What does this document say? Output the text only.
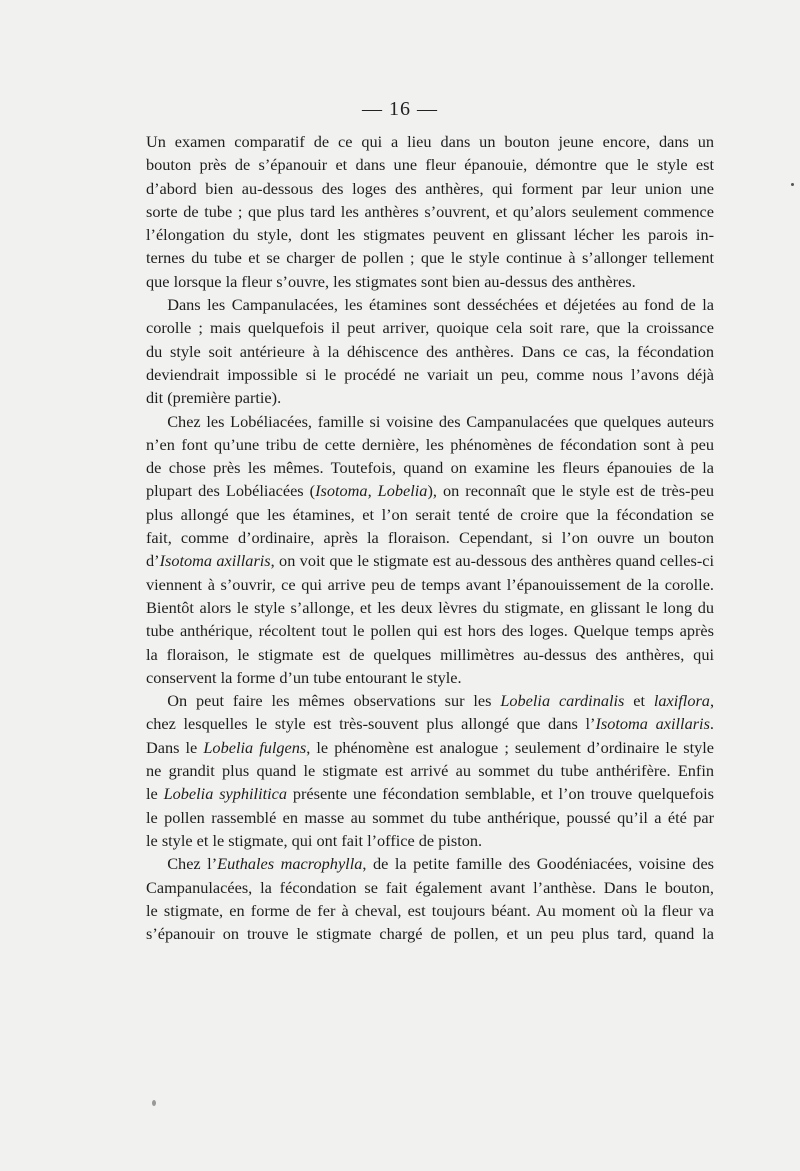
— 16 —
Un examen comparatif de ce qui a lieu dans un bouton jeune encore, dans un
bouton près de s’épanouir et dans une fleur épanouie, démontre que le style est
d’abord bien au-dessous des loges des anthères, qui forment par leur union une
sorte de tube ; que plus tard les anthères s’ouvrent, et qu’alors seulement commence
l’élongation du style, dont les stigmates peuvent en glissant lécher les parois in-
ternes du tube et se charger de pollen ; que le style continue à s’allonger tellement
que lorsque la fleur s’ouvre, les stigmates sont bien au-dessus des anthères.
Dans les Campanulacées, les étamines sont desséchées et déjetées au fond de la
corolle ; mais quelquefois il peut arriver, quoique cela soit rare, que la croissance
du style soit antérieure à la déhiscence des anthères. Dans ce cas, la fécondation
deviendrait impossible si le procédé ne variait un peu, comme nous l’avons déjà
dit (première partie).
Chez les Lobéliacées, famille si voisine des Campanulacées que quelques auteurs
n’en font qu’une tribu de cette dernière, les phénomènes de fécondation sont à peu
de chose près les mêmes. Toutefois, quand on examine les fleurs épanouies de la
plupart des Lobéliacées (Isotoma, Lobelia), on reconnaît que le style est de très-peu
plus allongé que les étamines, et l’on serait tenté de croire que la fécondation se
fait, comme d’ordinaire, après la floraison. Cependant, si l’on ouvre un bouton
d’Isotoma axillaris, on voit que le stigmate est au-dessous des anthères quand celles-ci
viennent à s’ouvrir, ce qui arrive peu de temps avant l’épanouissement de la corolle.
Bientôt alors le style s’allonge, et les deux lèvres du stigmate, en glissant le long du
tube anthérique, récoltent tout le pollen qui est hors des loges. Quelque temps après
la floraison, le stigmate est de quelques millimètres au-dessus des anthères, qui
conservent la forme d’un tube entourant le style.
On peut faire les mêmes observations sur les Lobelia cardinalis et laxiflora,
chez lesquelles le style est très-souvent plus allongé que dans l’Isotoma axillaris.
Dans le Lobelia fulgens, le phénomène est analogue ; seulement d’ordinaire le style
ne grandit plus quand le stigmate est arrivé au sommet du tube anthérifère. Enfin
le Lobelia syphilitica présente une fécondation semblable, et l’on trouve quelquefois
le pollen rassemblé en masse au sommet du tube anthérique, poussé qu’il a été par
le style et le stigmate, qui ont fait l’office de piston.
Chez l’Euthales macrophylla, de la petite famille des Goodéniacées, voisine des
Campanulacées, la fécondation se fait également avant l’anthèse. Dans le bouton,
le stigmate, en forme de fer à cheval, est toujours béant. Au moment où la fleur va
s’épanouir on trouve le stigmate chargé de pollen, et un peu plus tard, quand la
